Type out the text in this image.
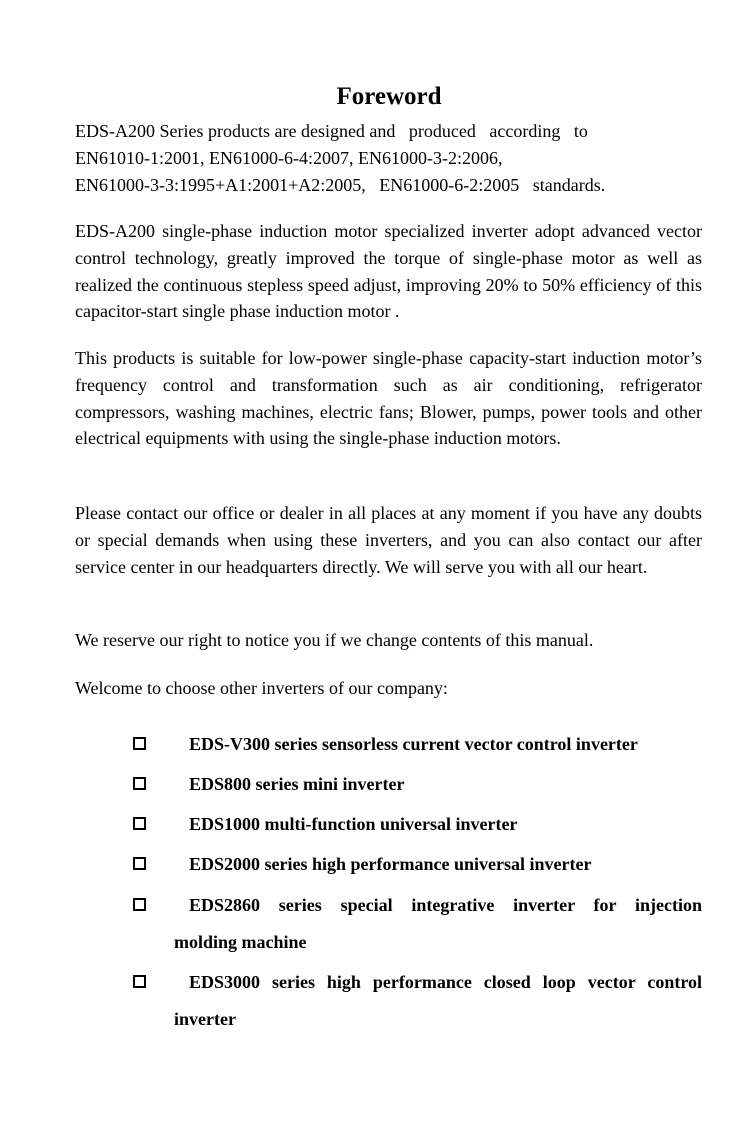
Foreword
EDS-A200 Series products are designed and   produced   according   to
EN61010-1:2001, EN61000-6-4:2007, EN61000-3-2:2006,
EN61000-3-3:1995+A1:2001+A2:2005,   EN61000-6-2:2005   standards.
EDS-A200 single-phase induction motor specialized inverter adopt advanced vector control technology, greatly improved the torque of single-phase motor as well as realized the continuous stepless speed adjust, improving 20% to 50% efficiency of this capacitor-start single phase induction motor .
This products is suitable for low-power single-phase capacity-start induction motor’s frequency control and transformation such as air conditioning, refrigerator compressors, washing machines, electric fans; Blower, pumps, power tools and other electrical equipments with using the single-phase induction motors.
Please contact our office or dealer in all places at any moment if you have any doubts or special demands when using these inverters, and you can also contact our after service center in our headquarters directly. We will serve you with all our heart.
We reserve our right to notice you if we change contents of this manual.
Welcome to choose other inverters of our company:
EDS-V300 series sensorless current vector control inverter
EDS800 series mini inverter
EDS1000 multi-function universal inverter
EDS2000 series high performance universal inverter
EDS2860 series special integrative inverter for injection
molding machine
EDS3000 series high performance closed loop vector control
inverter
